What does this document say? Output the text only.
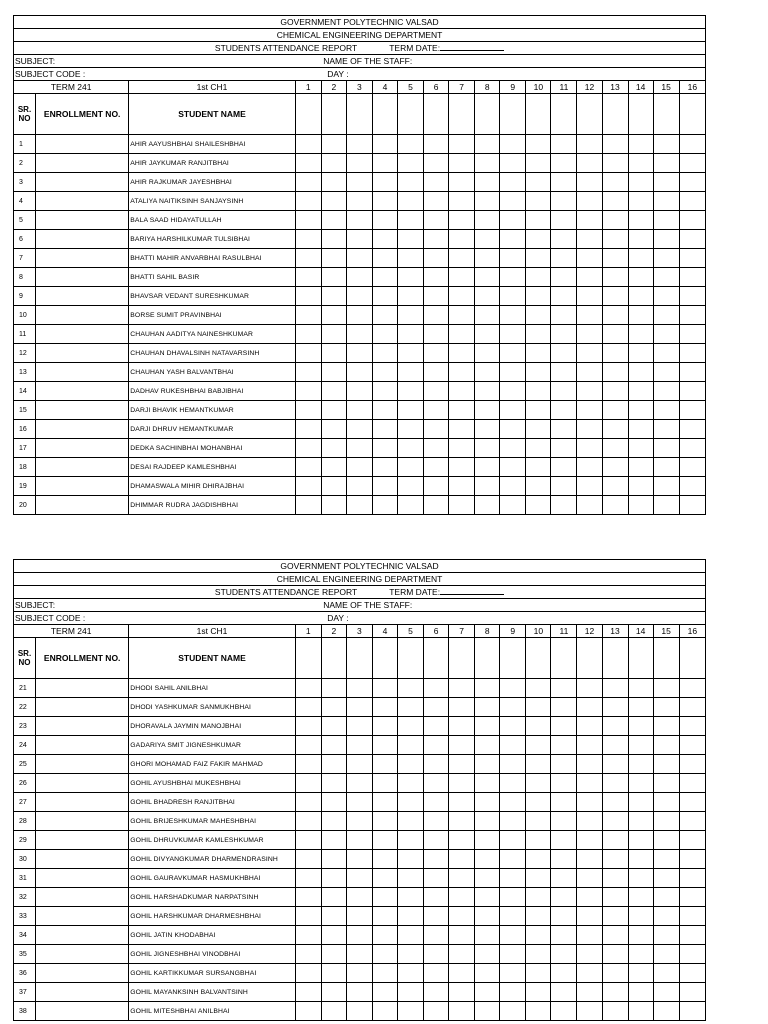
GOVERNMENT POLYTECHNIC VALSAD																		
CHEMICAL ENGINEERING DEPARTMENT																		
STUDENTS ATTENDANCE REPORT TERM DATE:																		
SUBJECT:			NAME OF THE STAFF:															
SUBJECT CODE :			DAY :															
TERM 241		1st CH1	1	2	3	4	5	6	7	8	9	10	11	12	13	14	15	16
SR. NO	ENROLLMENT NO.	STUDENT NAME																
1		AHIR AAYUSHBHAI SHAILESHBHAI																
2		AHIR JAYKUMAR RANJITBHAI																
3		AHIR RAJKUMAR JAYESHBHAI																
4		ATALIYA NAITIKSINH SANJAYSINH																
5		BALA SAAD HIDAYATULLAH																
6		BARIYA HARSHILKUMAR TULSIBHAI																
7		BHATTI MAHIR ANVARBHAI RASULBHAI																
8		BHATTI SAHIL BASIR																
9		BHAVSAR VEDANT SURESHKUMAR																
10		BORSE SUMIT PRAVINBHAI																
11		CHAUHAN AADITYA NAINESHKUMAR																
12		CHAUHAN DHAVALSINH NATAVARSINH																
13		CHAUHAN YASH BALVANTBHAI																
14		DADHAV RUKESHBHAI BABJIBHAI																
15		DARJI BHAVIK HEMANTKUMAR																
16		DARJI DHRUV HEMANTKUMAR																
17		DEDKA SACHINBHAI MOHANBHAI																
18		DESAI RAJDEEP KAMLESHBHAI																
19		DHAMASWALA MIHIR DHIRAJBHAI																
20		DHIMMAR RUDRA JAGDISHBHAI																
GOVERNMENT POLYTECHNIC VALSAD																		
CHEMICAL ENGINEERING DEPARTMENT																		
STUDENTS ATTENDANCE REPORT TERM DATE:																		
SUBJECT:			NAME OF THE STAFF:															
SUBJECT CODE :			DAY :															
TERM 241		1st CH1	1	2	3	4	5	6	7	8	9	10	11	12	13	14	15	16
SR. NO	ENROLLMENT NO.	STUDENT NAME																
21		DHODI SAHIL ANILBHAI																
22		DHODI YASHKUMAR SANMUKHBHAI																
23		DHORAVALA JAYMIN MANOJBHAI																
24		GADARIYA SMIT JIGNESHKUMAR																
25		GHORI MOHAMAD FAIZ FAKIR MAHMAD																
26		GOHIL AYUSHBHAI MUKESHBHAI																
27		GOHIL BHADRESH RANJITBHAI																
28		GOHIL BRIJESHKUMAR MAHESHBHAI																
29		GOHIL DHRUVKUMAR KAMLESHKUMAR																
30		GOHIL DIVYANGKUMAR DHARMENDRASINH																
31		GOHIL GAURAVKUMAR HASMUKHBHAI																
32		GOHIL HARSHADKUMAR NARPATSINH																
33		GOHIL HARSHKUMAR DHARMESHBHAI																
34		GOHIL JATIN KHODABHAI																
35		GOHIL JIGNESHBHAI VINODBHAI																
36		GOHIL KARTIKKUMAR SURSANGBHAI																
37		GOHIL MAYANKSINH BALVANTSINH																
38		GOHIL MITESHBHAI ANILBHAI																
